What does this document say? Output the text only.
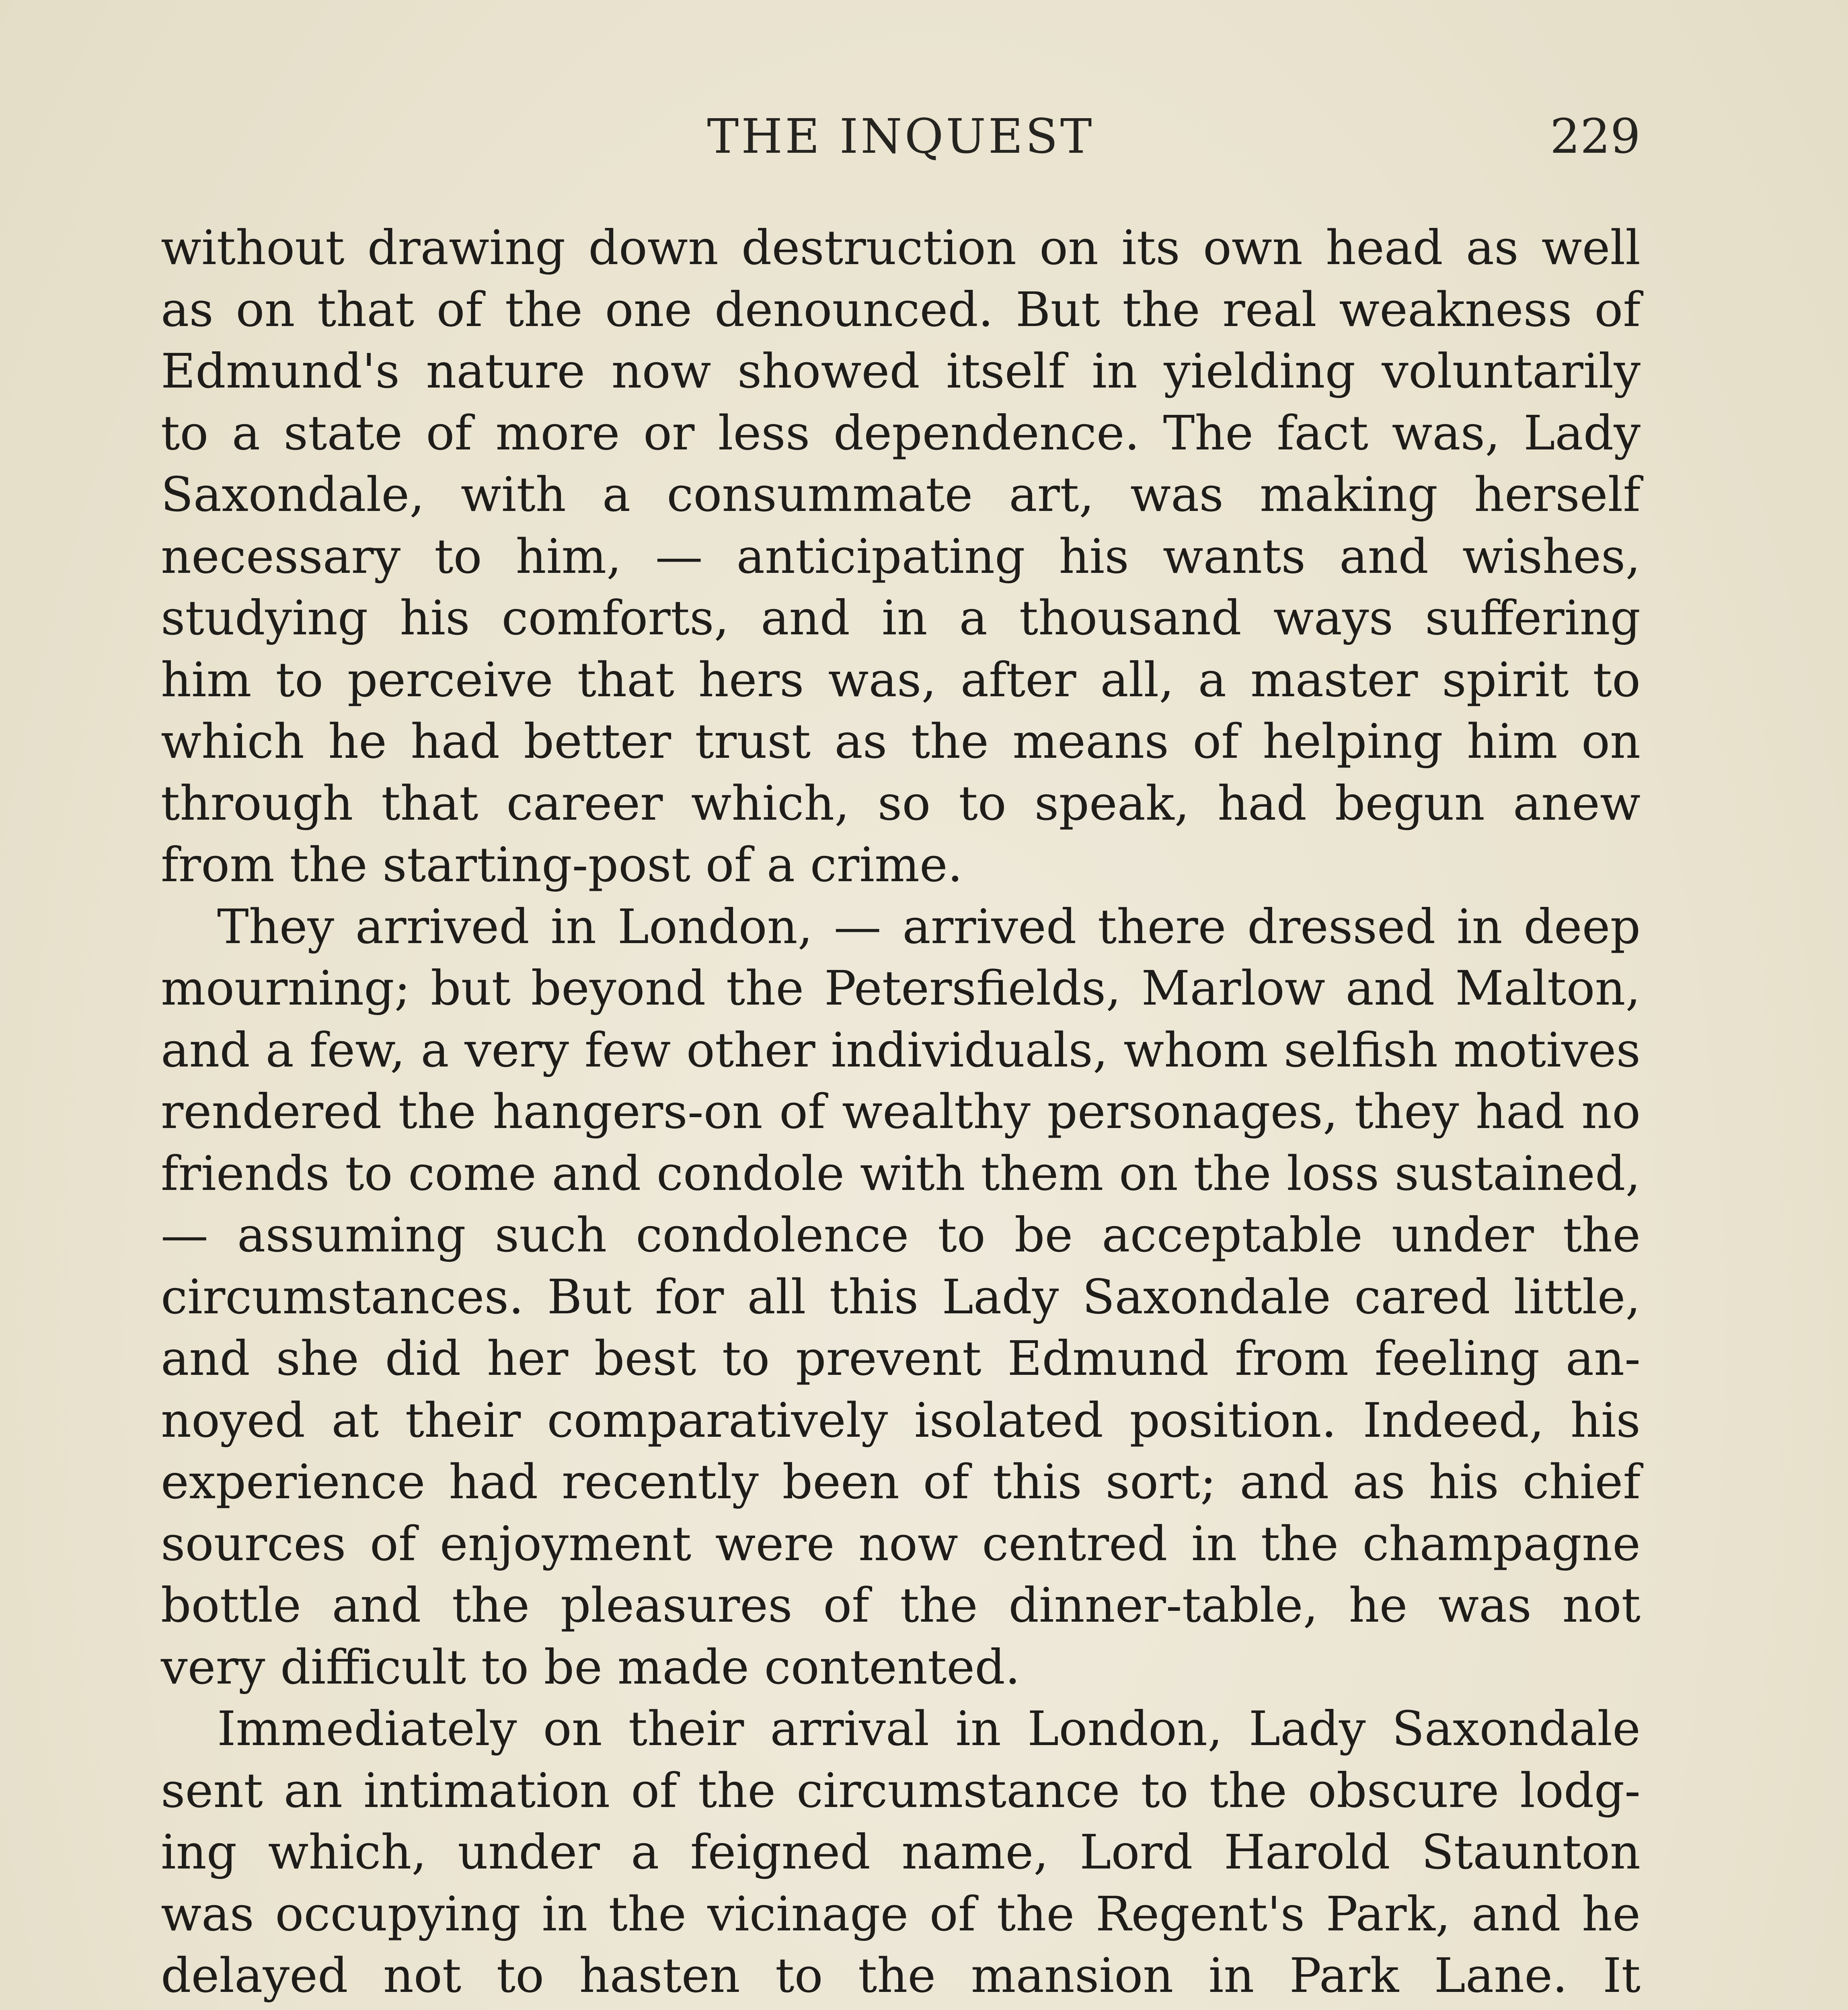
THE INQUEST	229
without drawing down destruction on its own head as well
as on that of the one denounced. But the real weakness of
Edmund's nature now showed itself in yielding voluntarily
to a state of more or less dependence. The fact was, Lady
Saxondale, with a consummate art, was making herself
necessary to him, — anticipating his wants and wishes,
studying his comforts, and in a thousand ways suffering
him to perceive that hers was, after all, a master spirit to
which he had better trust as the means of helping him on
through that career which, so to speak, had begun anew
from the starting-post of a crime.
They arrived in London, — arrived there dressed in deep
mourning; but beyond the Petersfields, Marlow and Malton,
and a few, a very few other individuals, whom selfish motives
rendered the hangers-on of wealthy personages, they had no
friends to come and condole with them on the loss sustained,
— assuming such condolence to be acceptable under the
circumstances. But for all this Lady Saxondale cared little,
and she did her best to prevent Edmund from feeling an-
noyed at their comparatively isolated position. Indeed, his
experience had recently been of this sort; and as his chief
sources of enjoyment were now centred in the champagne
bottle and the pleasures of the dinner-table, he was not
very difficult to be made contented.
Immediately on their arrival in London, Lady Saxondale
sent an intimation of the circumstance to the obscure lodg-
ing which, under a feigned name, Lord Harold Staunton
was occupying in the vicinage of the Regent's Park, and he
delayed not to hasten to the mansion in Park Lane. It
